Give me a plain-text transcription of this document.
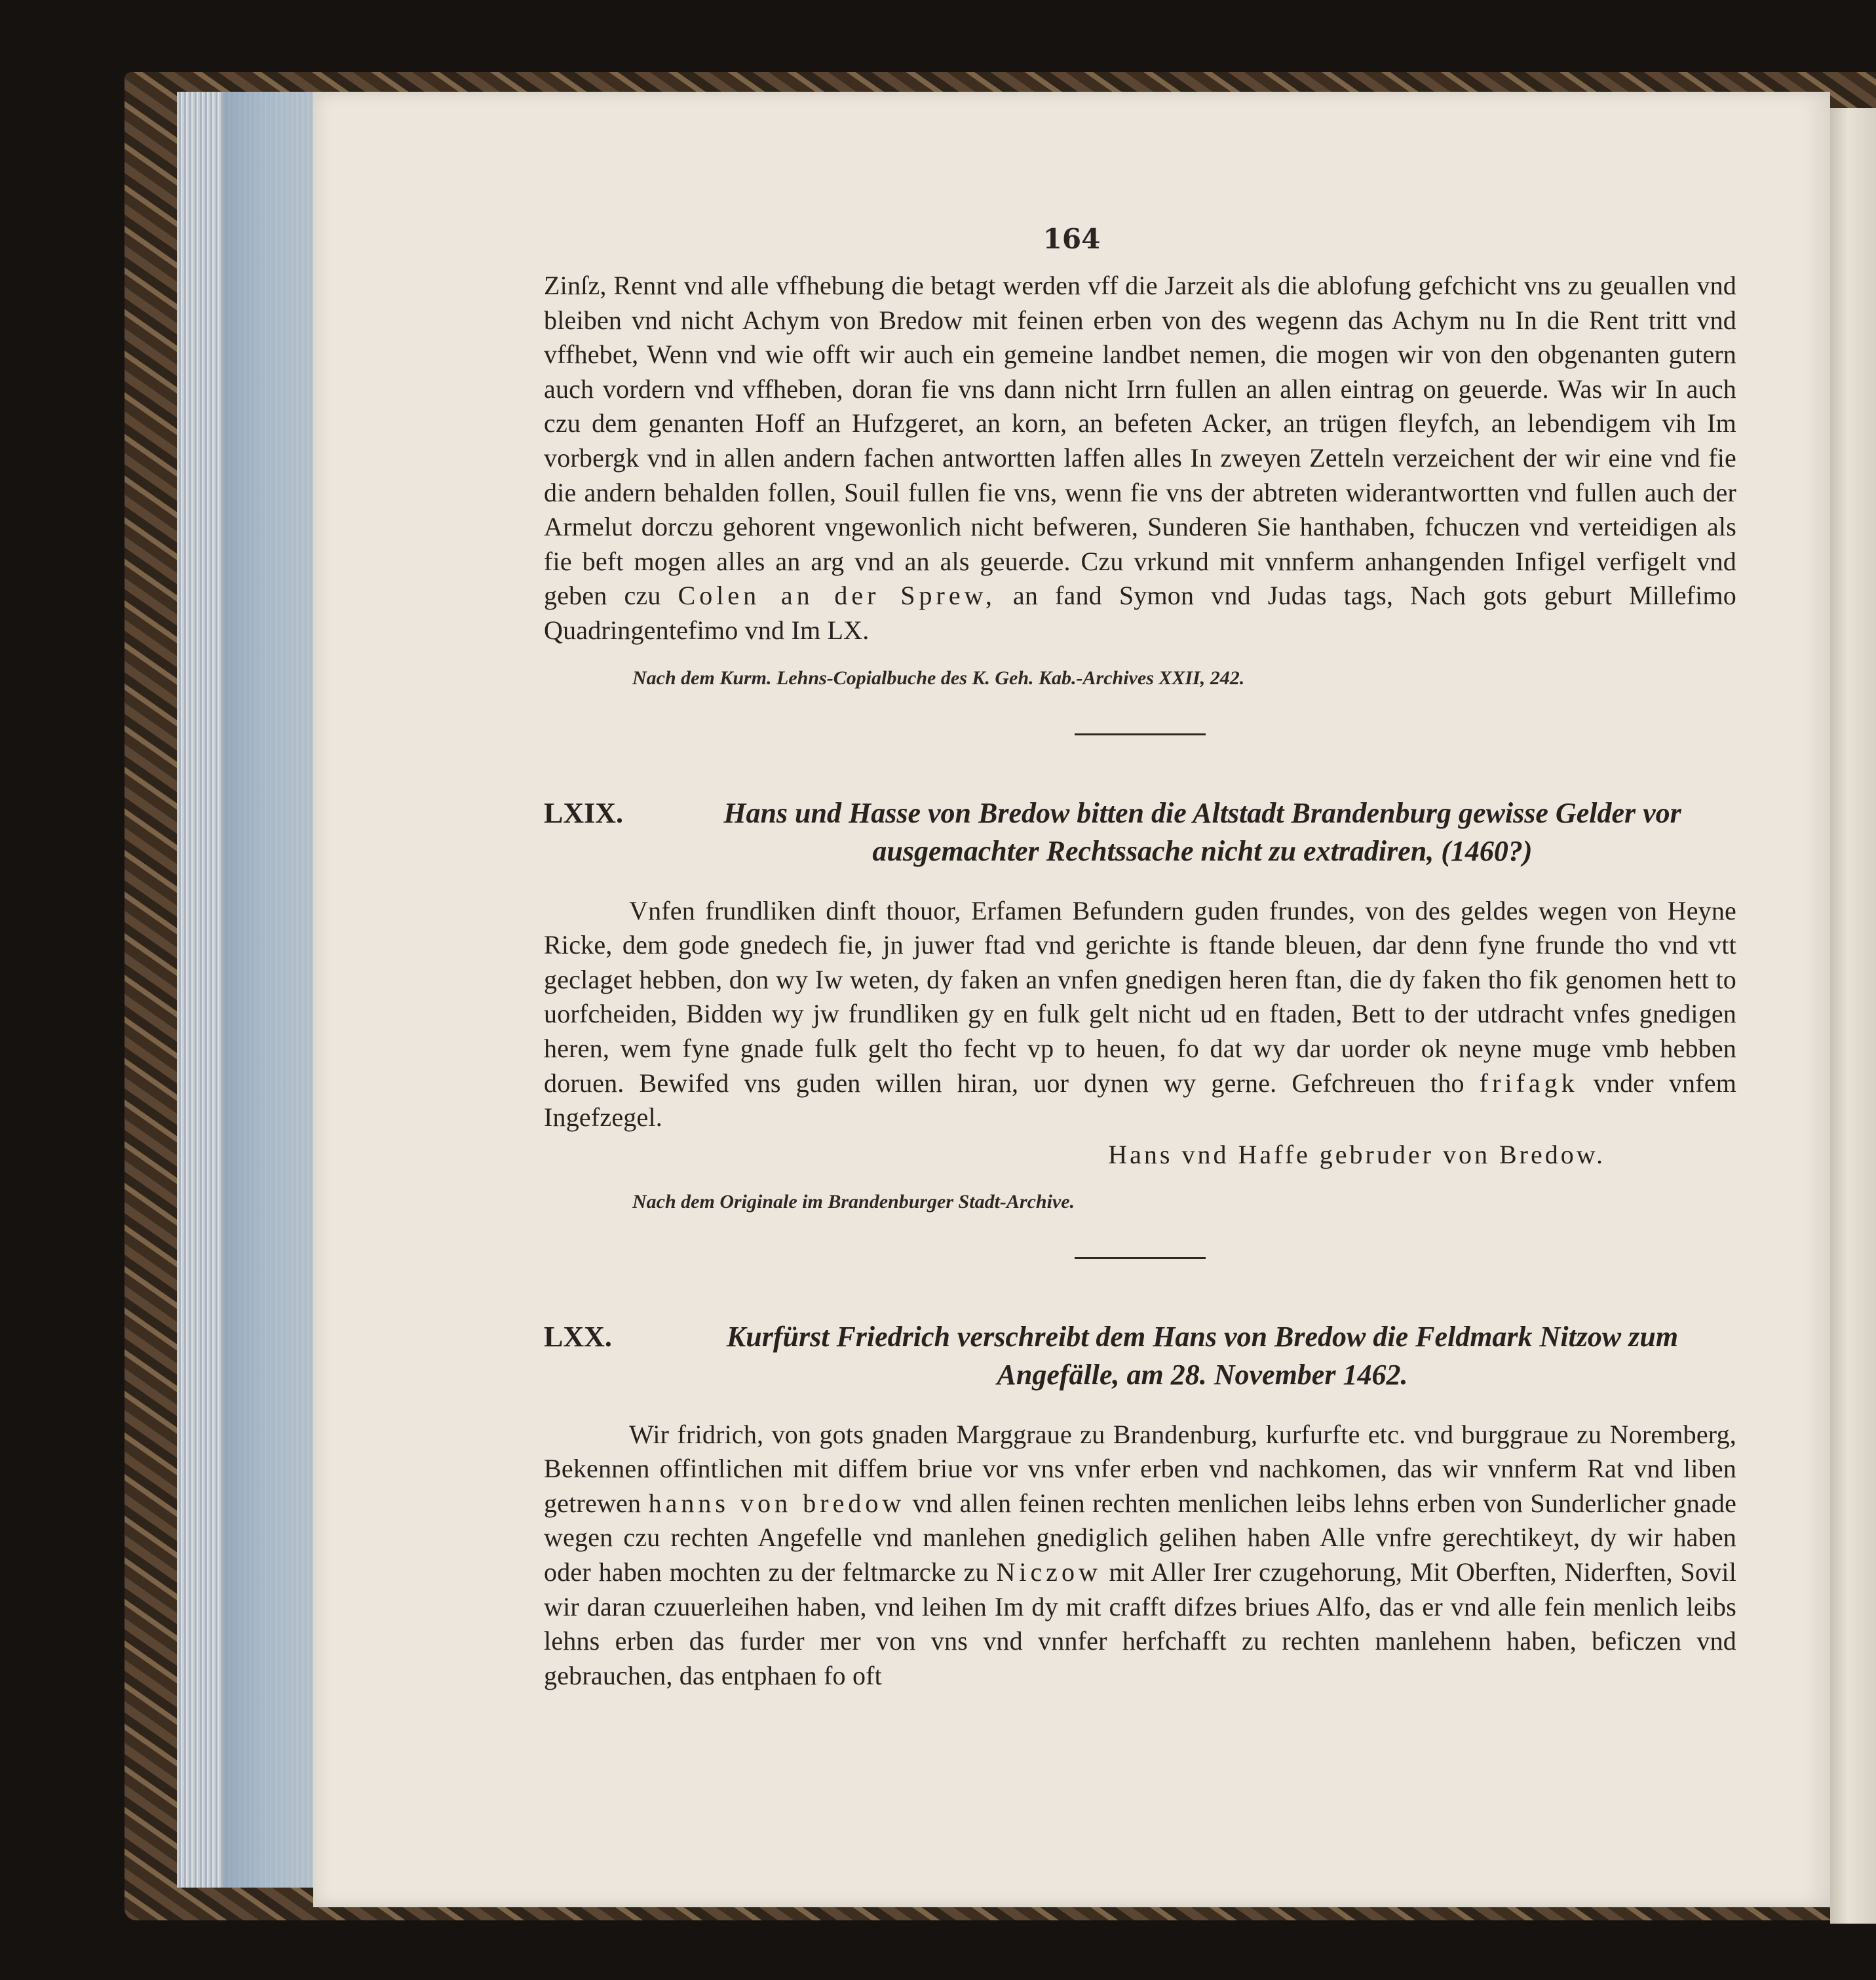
164

Zinſz, Rennt vnd alle vffhebung die betagt werden vff die Jarzeit als die ablofung gefchicht vns zu geuallen vnd bleiben vnd nicht Achym von Bredow mit feinen erben von des wegenn das Achym nu In die Rent tritt vnd vffhebet, Wenn vnd wie offt wir auch ein gemeine landbet nemen, die mogen wir von den obgenanten gutern auch vordern vnd vffheben, doran fie vns dann nicht Irrn fullen an allen eintrag on geuerde. Was wir In auch czu dem genanten Hoff an Hufzgeret, an korn, an befeten Acker, an trügen fleyfch, an lebendigem vih Im vorbergk vnd in allen andern fachen antwortten laffen alles In zweyen Zetteln verzeichent der wir eine vnd fie die andern behalden follen, Souil fullen fie vns, wenn fie vns der abtreten widerantwortten vnd fullen auch der Armelut dorczu gehorent vngewonlich nicht befweren, Sunderen Sie hanthaben, fchuczen vnd verteidigen als fie beft mogen alles an arg vnd an als geuerde. Czu vrkund mit vnnferm anhangenden Infigel verfigelt vnd geben czu Colen an der Sprew, an fand Symon vnd Judas tags, Nach gots geburt Millefimo Quadringentefimo vnd Im LX.

Nach dem Kurm. Lehns-Copialbuche des K. Geh. Kab.-Archives XXII, 242.
LXIX.	Hans und Hasse von Bredow bitten die Altstadt Brandenburg gewisse Gelder vor ausgemachter Rechtssache nicht zu extradiren, (1460?)

Vnfen frundliken dinft thouor, Erfamen Befundern guden frundes, von des geldes wegen von Heyne Ricke, dem gode gnedech fie, jn juwer ftad vnd gerichte is ftande bleuen, dar denn fyne frunde tho vnd vtt geclaget hebben, don wy Iw weten, dy faken an vnfen gnedigen heren ftan, die dy faken tho fik genomen hett to uorfcheiden, Bidden wy jw frundliken gy en fulk gelt nicht ud en ftaden, Bett to der utdracht vnfes gnedigen heren, wem fyne gnade fulk gelt tho fecht vp to heuen, fo dat wy dar uorder ok neyne muge vmb hebben doruen. Bewifed vns guden willen hiran, uor dynen wy gerne. Gefchreuen tho frifagk vnder vnfem Ingefzegel.

Hans vnd Haffe gebruder von Bredow.
Nach dem Originale im Brandenburger Stadt-Archive.
LXX.	Kurfürst Friedrich verschreibt dem Hans von Bredow die Feldmark Nitzow zum Angefälle, am 28. November 1462.

Wir fridrich, von gots gnaden Marggraue zu Brandenburg, kurfurfte etc. vnd burggraue zu Noremberg, Bekennen offintlichen mit diffem briue vor vns vnfer erben vnd nachkomen, das wir vnnferm Rat vnd liben getrewen hanns von bredow vnd allen feinen rechten menlichen leibs lehns erben von Sunderlicher gnade wegen czu rechten Angefelle vnd manlehen gnediglich gelihen haben Alle vnfre gerechtikeyt, dy wir haben oder haben mochten zu der feltmarcke zu Niczow mit Aller Irer czugehorung, Mit Oberften, Niderften, Sovil wir daran czuuerleihen haben, vnd leihen Im dy mit crafft difzes briues Alfo, das er vnd alle fein menlich leibs lehns erben das furder mer von vns vnd vnnfer herfchafft zu rechten manlehenn haben, beficzen vnd gebrauchen, das entphaen fo oft
